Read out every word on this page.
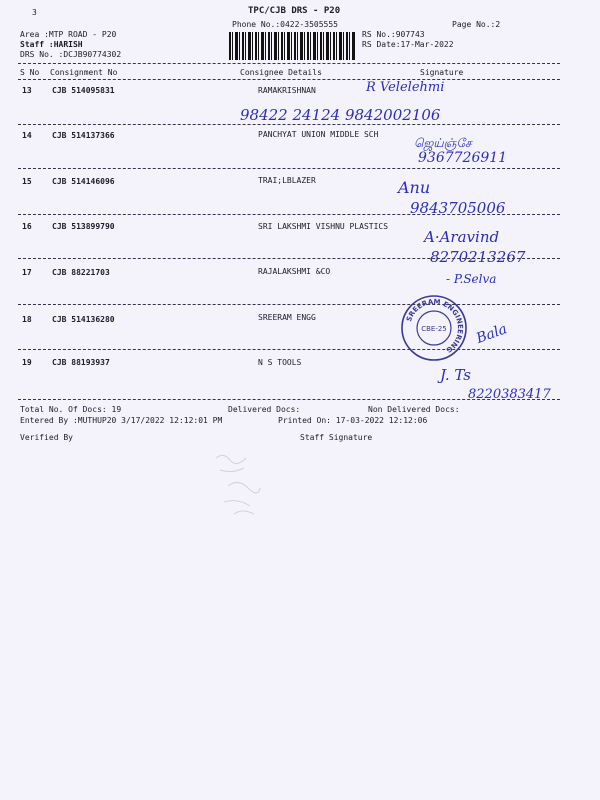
3	TPC/CJB DRS - P20
Phone No.:0422-3505555	Page No.:2
Area :MTP ROAD - P20
Staff :HARISH
DRS No. :DCJB90774302
RS No.:907743
RS Date:17-Mar-2022
S No Consignment No	Consignee Details	Signature
13	CJB 514095831	RAMAKRISHNAN	R Velelehmi
98422 24124 9842002106
14	CJB 514137366	PANCHYAT UNION MIDDLE SCH
ஜெய்ஞ்சே
9367726911
15	CJB 514146096	TRAI;LBLAZER	Anu
9843705006
16	CJB 513899790	SRI LAKSHMI VISHNU PLASTICS
A·Aravind
8270213267
17	CJB 88221703	RAJALAKSHMI &CO
- P.Selva
18	CJB 514136280	SREERAM ENGG
Bala
SREERAM ENGINEERING
CBE-25
19	CJB 88193937	N S TOOLS
J. Ts
8220383417
Total No. Of Docs: 19	Delivered Docs:	Non Delivered Docs:
Entered By :MUTHUP20 3/17/2022 12:12:01 PM	Printed On: 17-03-2022 12:12:06
Verified By	Staff Signature
